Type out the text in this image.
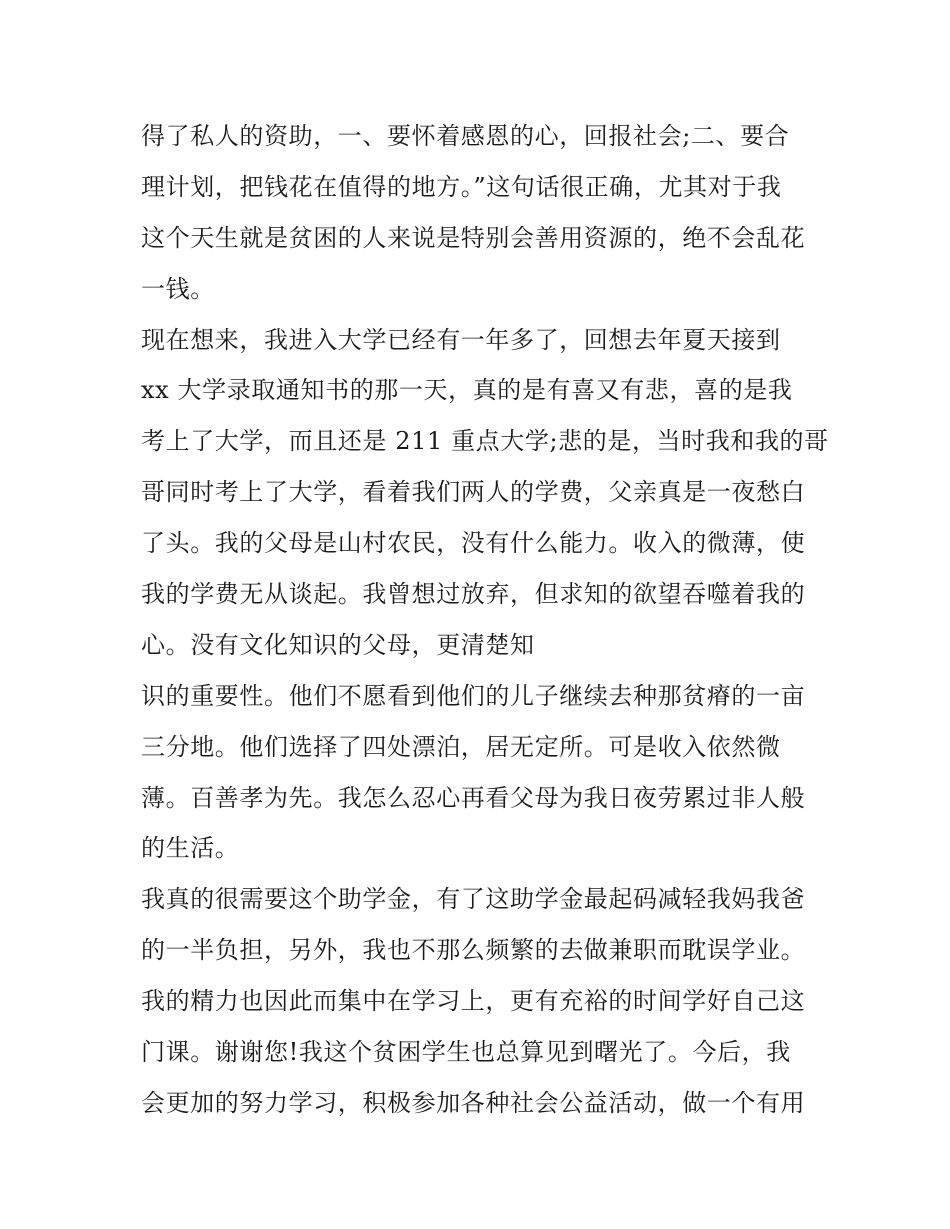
得了私人的资助，一、要怀着感恩的心，回报社会;二、要合
理计划，把钱花在值得的地方。”这句话很正确，尤其对于我
这个天生就是贫困的人来说是特别会善用资源的，绝不会乱花
一钱。
现在想来，我进入大学已经有一年多了，回想去年夏天接到
xx 大学录取通知书的那一天，真的是有喜又有悲，喜的是我
考上了大学，而且还是 211 重点大学;悲的是，当时我和我的哥
哥同时考上了大学，看着我们两人的学费，父亲真是一夜愁白
了头。我的父母是山村农民，没有什么能力。收入的微薄，使
我的学费无从谈起。我曾想过放弃，但求知的欲望吞噬着我的
心。没有文化知识的父母，更清楚知
识的重要性。他们不愿看到他们的儿子继续去种那贫瘠的一亩
三分地。他们选择了四处漂泊，居无定所。可是收入依然微
薄。百善孝为先。我怎么忍心再看父母为我日夜劳累过非人般
的生活。
我真的很需要这个助学金，有了这助学金最起码减轻我妈我爸
的一半负担，另外，我也不那么频繁的去做兼职而耽误学业。
我的精力也因此而集中在学习上，更有充裕的时间学好自己这
门课。谢谢您!我这个贫困学生也总算见到曙光了。今后，我
会更加的努力学习，积极参加各种社会公益活动，做一个有用
